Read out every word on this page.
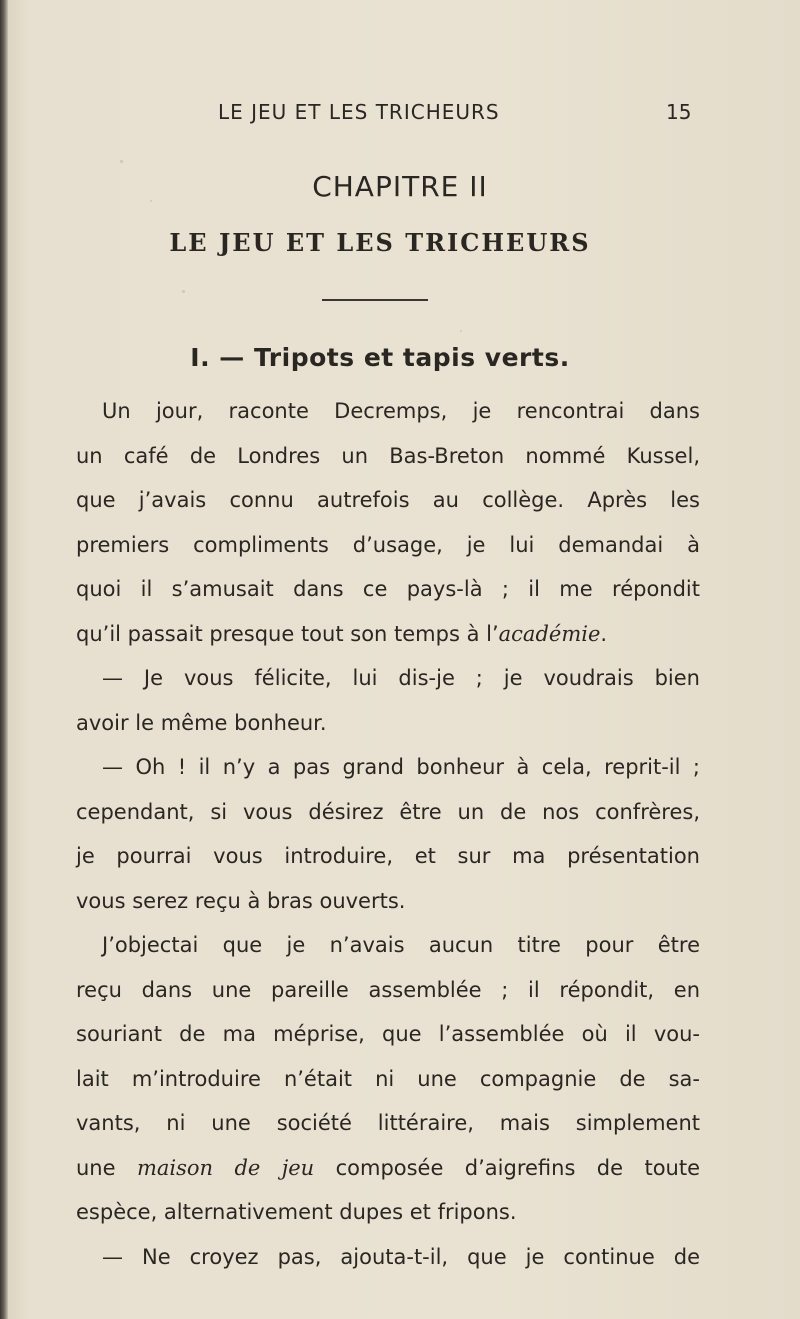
LE JEU ET LES TRICHEURS	15
CHAPITRE II
LE JEU ET LES TRICHEURS
I. — Tripots et tapis verts.
Un jour, raconte Decremps, je rencontrai dans
un café de Londres un Bas-Breton nommé Kussel,
que j’avais connu autrefois au collège. Après les
premiers compliments d’usage, je lui demandai à
quoi il s’amusait dans ce pays-là ; il me répondit
qu’il passait presque tout son temps à l’académie.
— Je vous félicite, lui dis-je ; je voudrais bien
avoir le même bonheur.
— Oh ! il n’y a pas grand bonheur à cela, reprit-il ;
cependant, si vous désirez être un de nos confrères,
je pourrai vous introduire, et sur ma présentation
vous serez reçu à bras ouverts.
J’objectai que je n’avais aucun titre pour être
reçu dans une pareille assemblée ; il répondit, en
souriant de ma méprise, que l’assemblée où il vou-
lait m’introduire n’était ni une compagnie de sa-
vants, ni une société littéraire, mais simplement
une maison de jeu composée d’aigrefins de toute
espèce, alternativement dupes et fripons.
— Ne croyez pas, ajouta-t-il, que je continue de
